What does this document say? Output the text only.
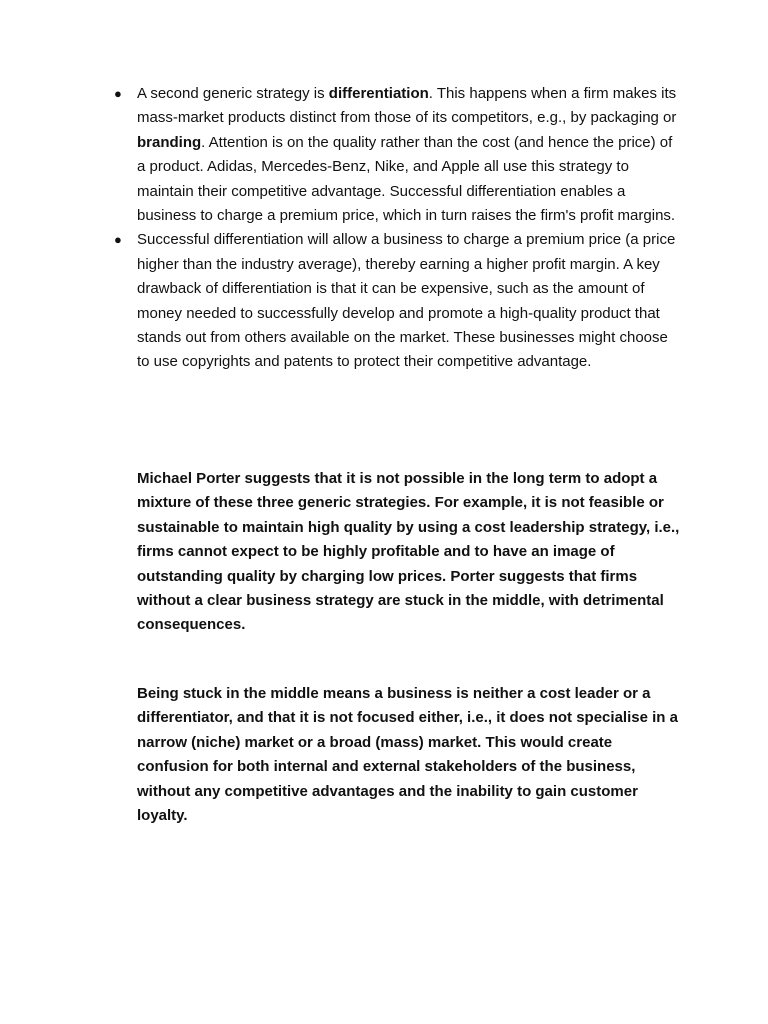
● A second generic strategy is differentiation. This happens when a firm makes its mass-market products distinct from those of its competitors, e.g., by packaging or branding. Attention is on the quality rather than the cost (and hence the price) of a product. Adidas, Mercedes-Benz, Nike, and Apple all use this strategy to maintain their competitive advantage. Successful differentiation enables a business to charge a premium price, which in turn raises the firm's profit margins.
● Successful differentiation will allow a business to charge a premium price (a price higher than the industry average), thereby earning a higher profit margin. A key drawback of differentiation is that it can be expensive, such as the amount of money needed to successfully develop and promote a high-quality product that stands out from others available on the market. These businesses might choose to use copyrights and patents to protect their competitive advantage.

Michael Porter suggests that it is not possible in the long term to adopt a mixture of these three generic strategies. For example, it is not feasible or sustainable to maintain high quality by using a cost leadership strategy, i.e., firms cannot expect to be highly profitable and to have an image of outstanding quality by charging low prices. Porter suggests that firms without a clear business strategy are stuck in the middle, with detrimental consequences.

Being stuck in the middle means a business is neither a cost leader or a differentiator, and that it is not focused either, i.e., it does not specialise in a narrow (niche) market or a broad (mass) market. This would create confusion for both internal and external stakeholders of the business, without any competitive advantages and the inability to gain customer loyalty.
